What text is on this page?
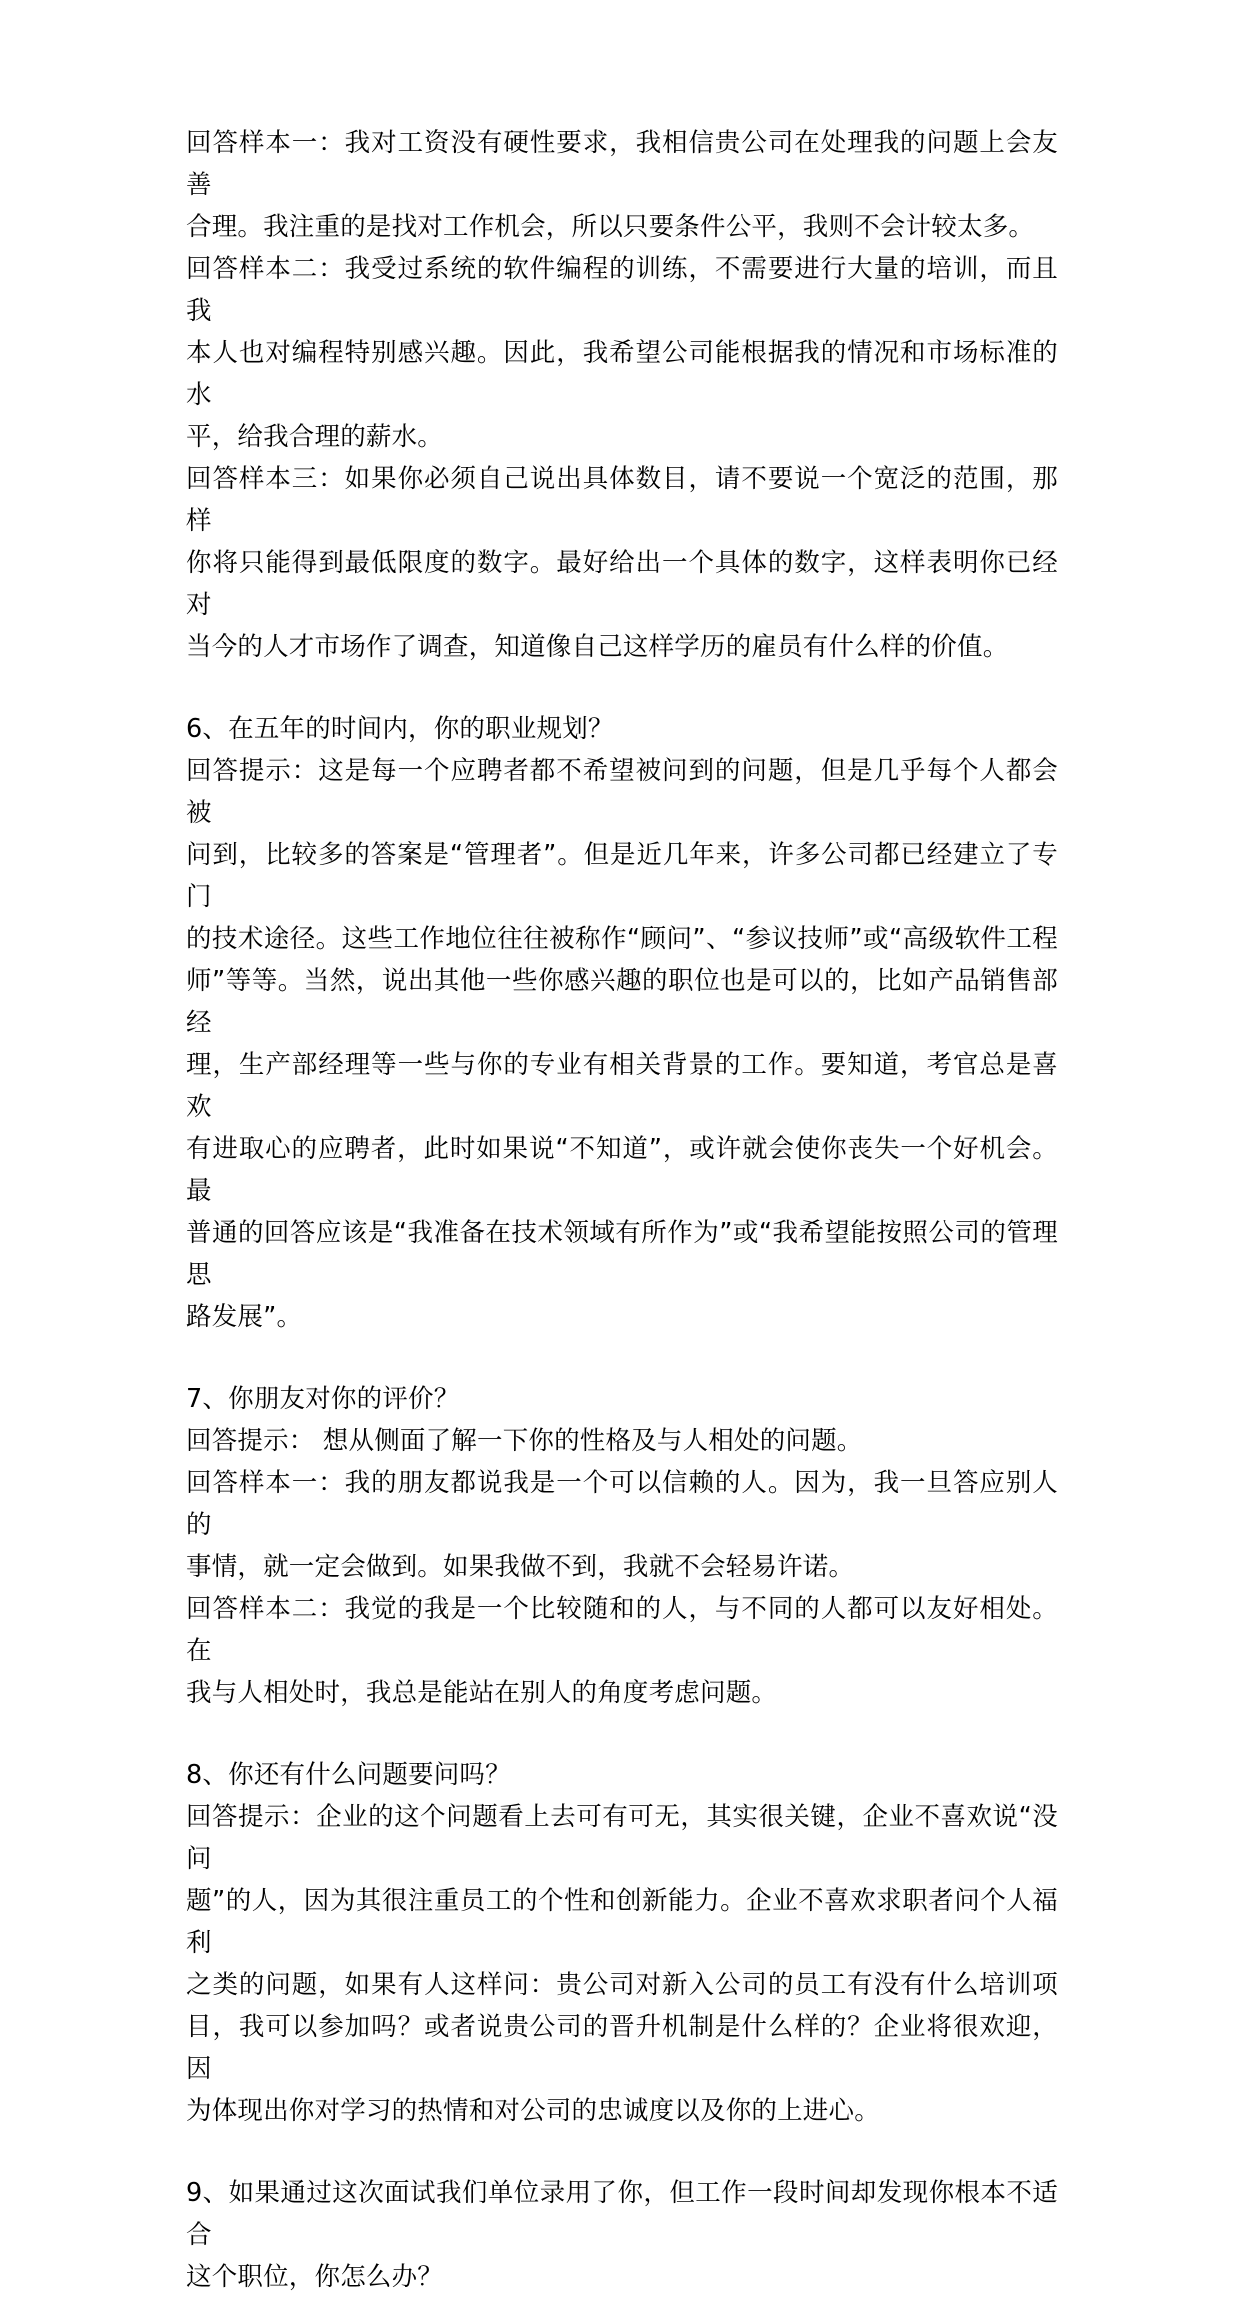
回答样本一：我对工资没有硬性要求，我相信贵公司在处理我的问题上会友善

合理。我注重的是找对工作机会，所以只要条件公平，我则不会计较太多。

回答样本二：我受过系统的软件编程的训练，不需要进行大量的培训，而且我

本人也对编程特别感兴趣。因此，我希望公司能根据我的情况和市场标准的水

平，给我合理的薪水。

回答样本三：如果你必须自己说出具体数目，请不要说一个宽泛的范围，那样

你将只能得到最低限度的数字。最好给出一个具体的数字，这样表明你已经对

当今的人才市场作了调查，知道像自己这样学历的雇员有什么样的价值。

6、在五年的时间内，你的职业规划？

回答提示：这是每一个应聘者都不希望被问到的问题，但是几乎每个人都会被

问到，比较多的答案是“管理者”。但是近几年来，许多公司都已经建立了专门

的技术途径。这些工作地位往往被称作“顾问”、“参议技师”或“高级软件工程

师”等等。当然，说出其他一些你感兴趣的职位也是可以的，比如产品销售部经

理，生产部经理等一些与你的专业有相关背景的工作。要知道，考官总是喜欢

有进取心的应聘者，此时如果说“不知道”，或许就会使你丧失一个好机会。最

普通的回答应该是“我准备在技术领域有所作为”或“我希望能按照公司的管理思

路发展”。

7、你朋友对你的评价？

回答提示： 想从侧面了解一下你的性格及与人相处的问题。

回答样本一：我的朋友都说我是一个可以信赖的人。因为，我一旦答应别人的

事情，就一定会做到。如果我做不到，我就不会轻易许诺。

回答样本二：我觉的我是一个比较随和的人，与不同的人都可以友好相处。在

我与人相处时，我总是能站在别人的角度考虑问题。

8、你还有什么问题要问吗？

回答提示：企业的这个问题看上去可有可无，其实很关键，企业不喜欢说“没问

题”的人，因为其很注重员工的个性和创新能力。企业不喜欢求职者问个人福利

之类的问题，如果有人这样问：贵公司对新入公司的员工有没有什么培训项

目，我可以参加吗？或者说贵公司的晋升机制是什么样的？企业将很欢迎，因

为体现出你对学习的热情和对公司的忠诚度以及你的上进心。

9、如果通过这次面试我们单位录用了你，但工作一段时间却发现你根本不适合

这个职位，你怎么办？
